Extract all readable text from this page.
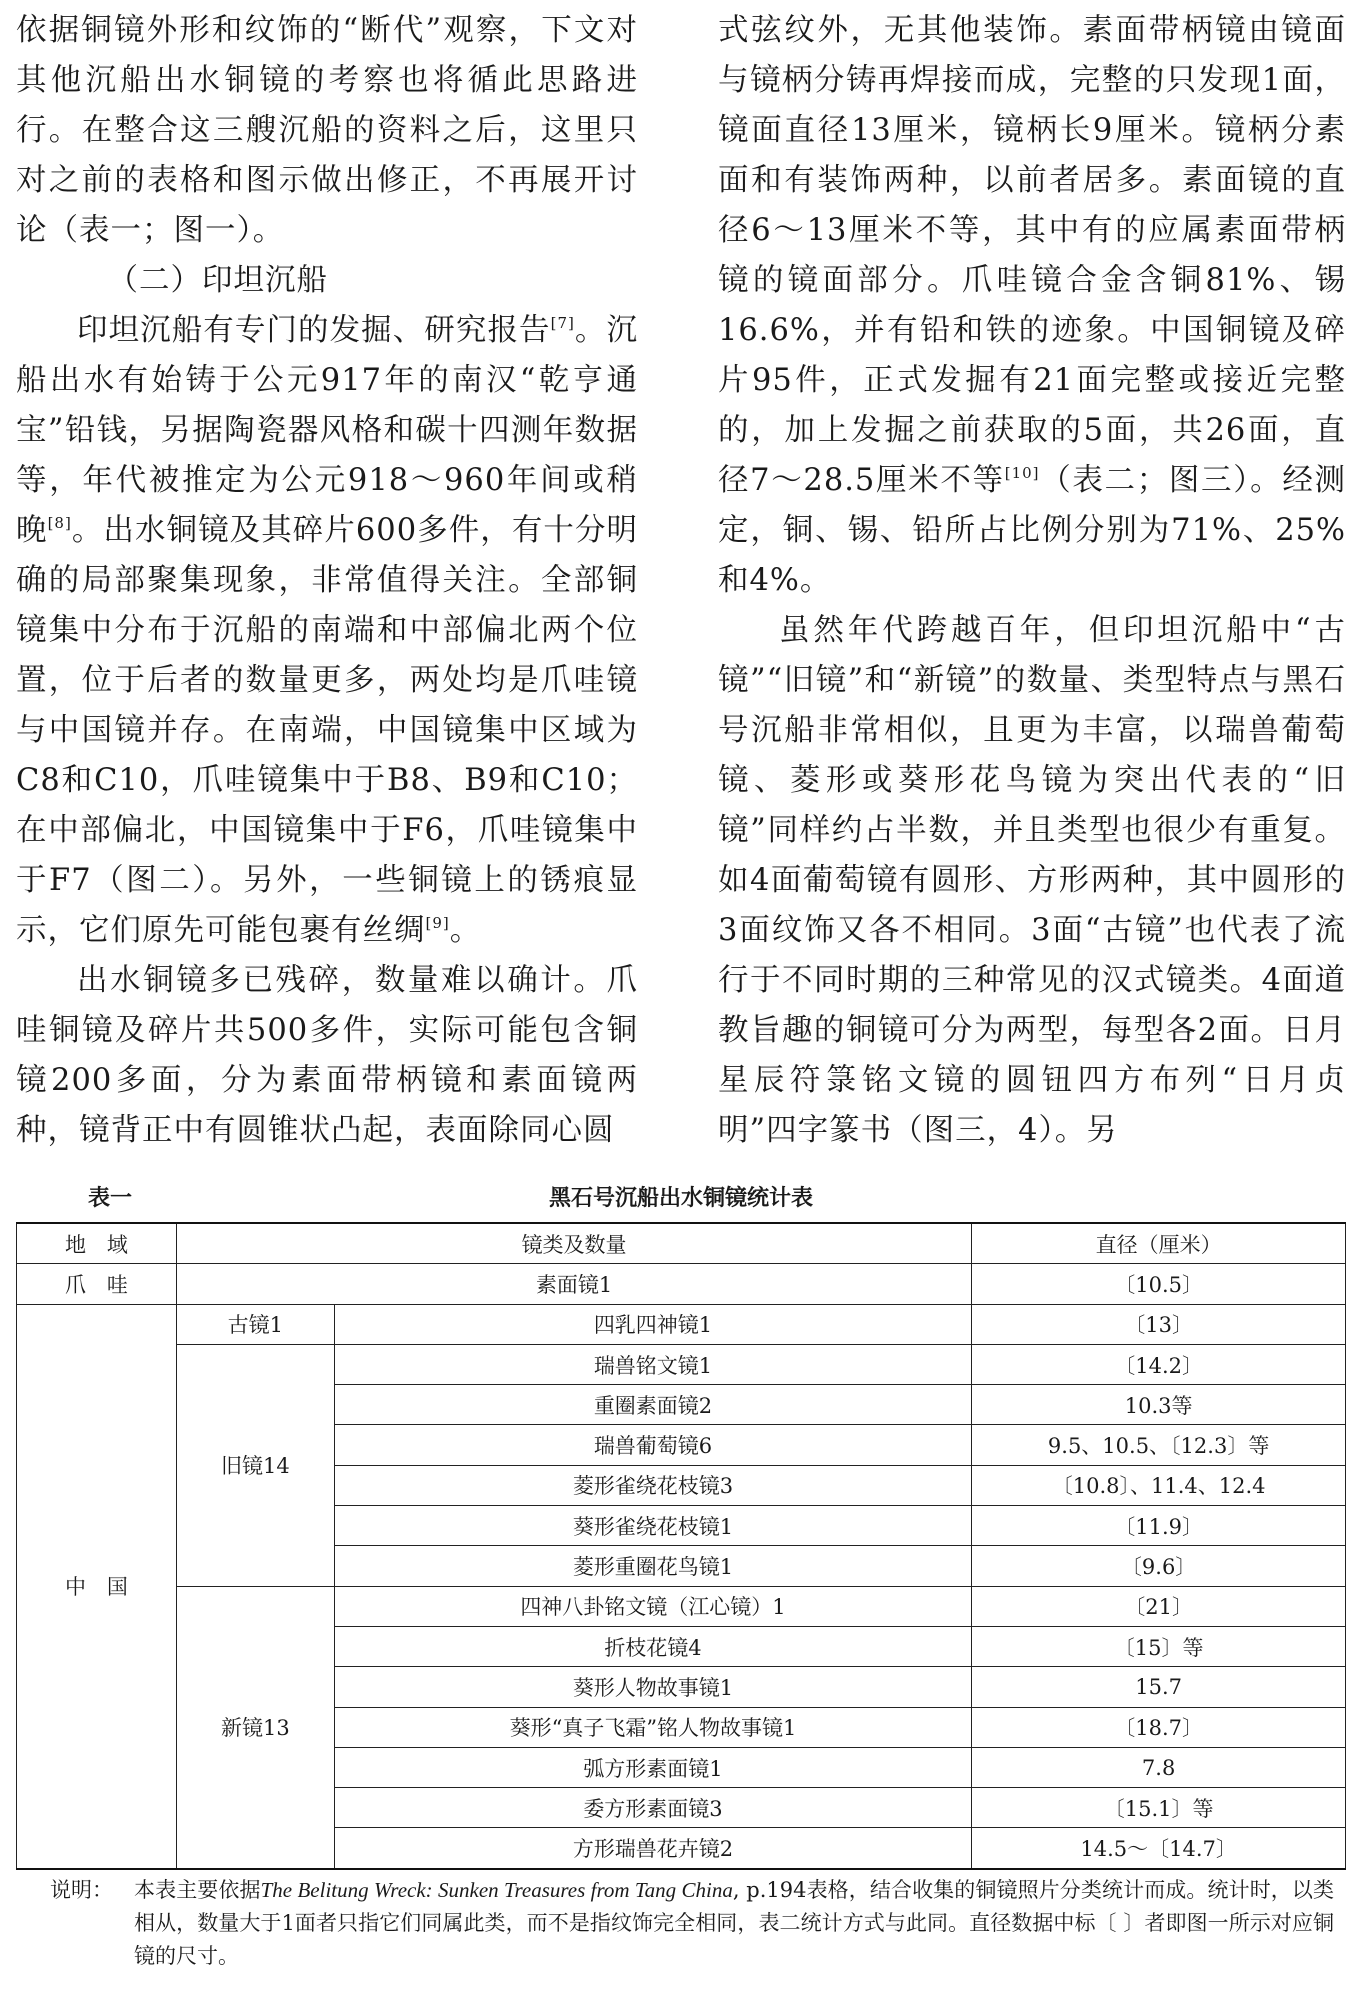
依据铜镜外形和纹饰的“断代”观察，下文对其他沉船出水铜镜的考察也将循此思路进行。在整合这三艘沉船的资料之后，这里只对之前的表格和图示做出修正，不再展开讨论（表一；图一）。

（二）印坦沉船

印坦沉船有专门的发掘、研究报告[7]。沉船出水有始铸于公元917年的南汉“乾亨通宝”铅钱，另据陶瓷器风格和碳十四测年数据等，年代被推定为公元918～960年间或稍晚[8]。出水铜镜及其碎片600多件，有十分明确的局部聚集现象，非常值得关注。全部铜镜集中分布于沉船的南端和中部偏北两个位置，位于后者的数量更多，两处均是爪哇镜与中国镜并存。在南端，中国镜集中区域为C8和C10，爪哇镜集中于B8、B9和C10；在中部偏北，中国镜集中于F6，爪哇镜集中于F7（图二）。另外，一些铜镜上的锈痕显示，它们原先可能包裹有丝绸[9]。

出水铜镜多已残碎，数量难以确计。爪哇铜镜及碎片共500多件，实际可能包含铜镜200多面，分为素面带柄镜和素面镜两种，镜背正中有圆锥状凸起，表面除同心圆

式弦纹外，无其他装饰。素面带柄镜由镜面与镜柄分铸再焊接而成，完整的只发现1面，镜面直径13厘米，镜柄长9厘米。镜柄分素面和有装饰两种，以前者居多。素面镜的直径6～13厘米不等，其中有的应属素面带柄镜的镜面部分。爪哇镜合金含铜81%、锡16.6%，并有铅和铁的迹象。中国铜镜及碎片95件，正式发掘有21面完整或接近完整的，加上发掘之前获取的5面，共26面，直径7～28.5厘米不等[10]（表二；图三）。经测定，铜、锡、铅所占比例分别为71%、25%和4%。

虽然年代跨越百年，但印坦沉船中“古镜”“旧镜”和“新镜”的数量、类型特点与黑石号沉船非常相似，且更为丰富，以瑞兽葡萄镜、菱形或葵形花鸟镜为突出代表的“旧镜”同样约占半数，并且类型也很少有重复。如4面葡萄镜有圆形、方形两种，其中圆形的3面纹饰又各不相同。3面“古镜”也代表了流行于不同时期的三种常见的汉式镜类。4面道教旨趣的铜镜可分为两型，每型各2面。日月星辰符箓铭文镜的圆钮四方布列“日月贞明”四字篆书（图三，4）。另

表一	黑石号沉船出水铜镜统计表
地　域	镜类及数量		直径（厘米）
爪　哇	素面镜1		〔10.5〕
中　国	古镜1	四乳四神镜1	〔13〕
	旧镜14	瑞兽铭文镜1	〔14.2〕
		重圈素面镜2	10.3等
		瑞兽葡萄镜6	9.5、10.5、〔12.3〕等
		菱形雀绕花枝镜3	〔10.8〕、11.4、12.4
		葵形雀绕花枝镜1	〔11.9〕
		菱形重圈花鸟镜1	〔9.6〕
	新镜13	四神八卦铭文镜（江心镜）1	〔21〕
		折枝花镜4	〔15〕等
		葵形人物故事镜1	15.7
		葵形“真子飞霜”铭人物故事镜1	〔18.7〕
		弧方形素面镜1	7.8
		委方形素面镜3	〔15.1〕等
		方形瑞兽花卉镜2	14.5～〔14.7〕
说明： 本表主要依据The Belitung Wreck: Sunken Treasures from Tang China, p.194表格，结合收集的铜镜照片分类统计而成。统计时，以类相从，数量大于1面者只指它们同属此类，而不是指纹饰完全相同，表二统计方式与此同。直径数据中标〔 〕者即图一所示对应铜镜的尺寸。
